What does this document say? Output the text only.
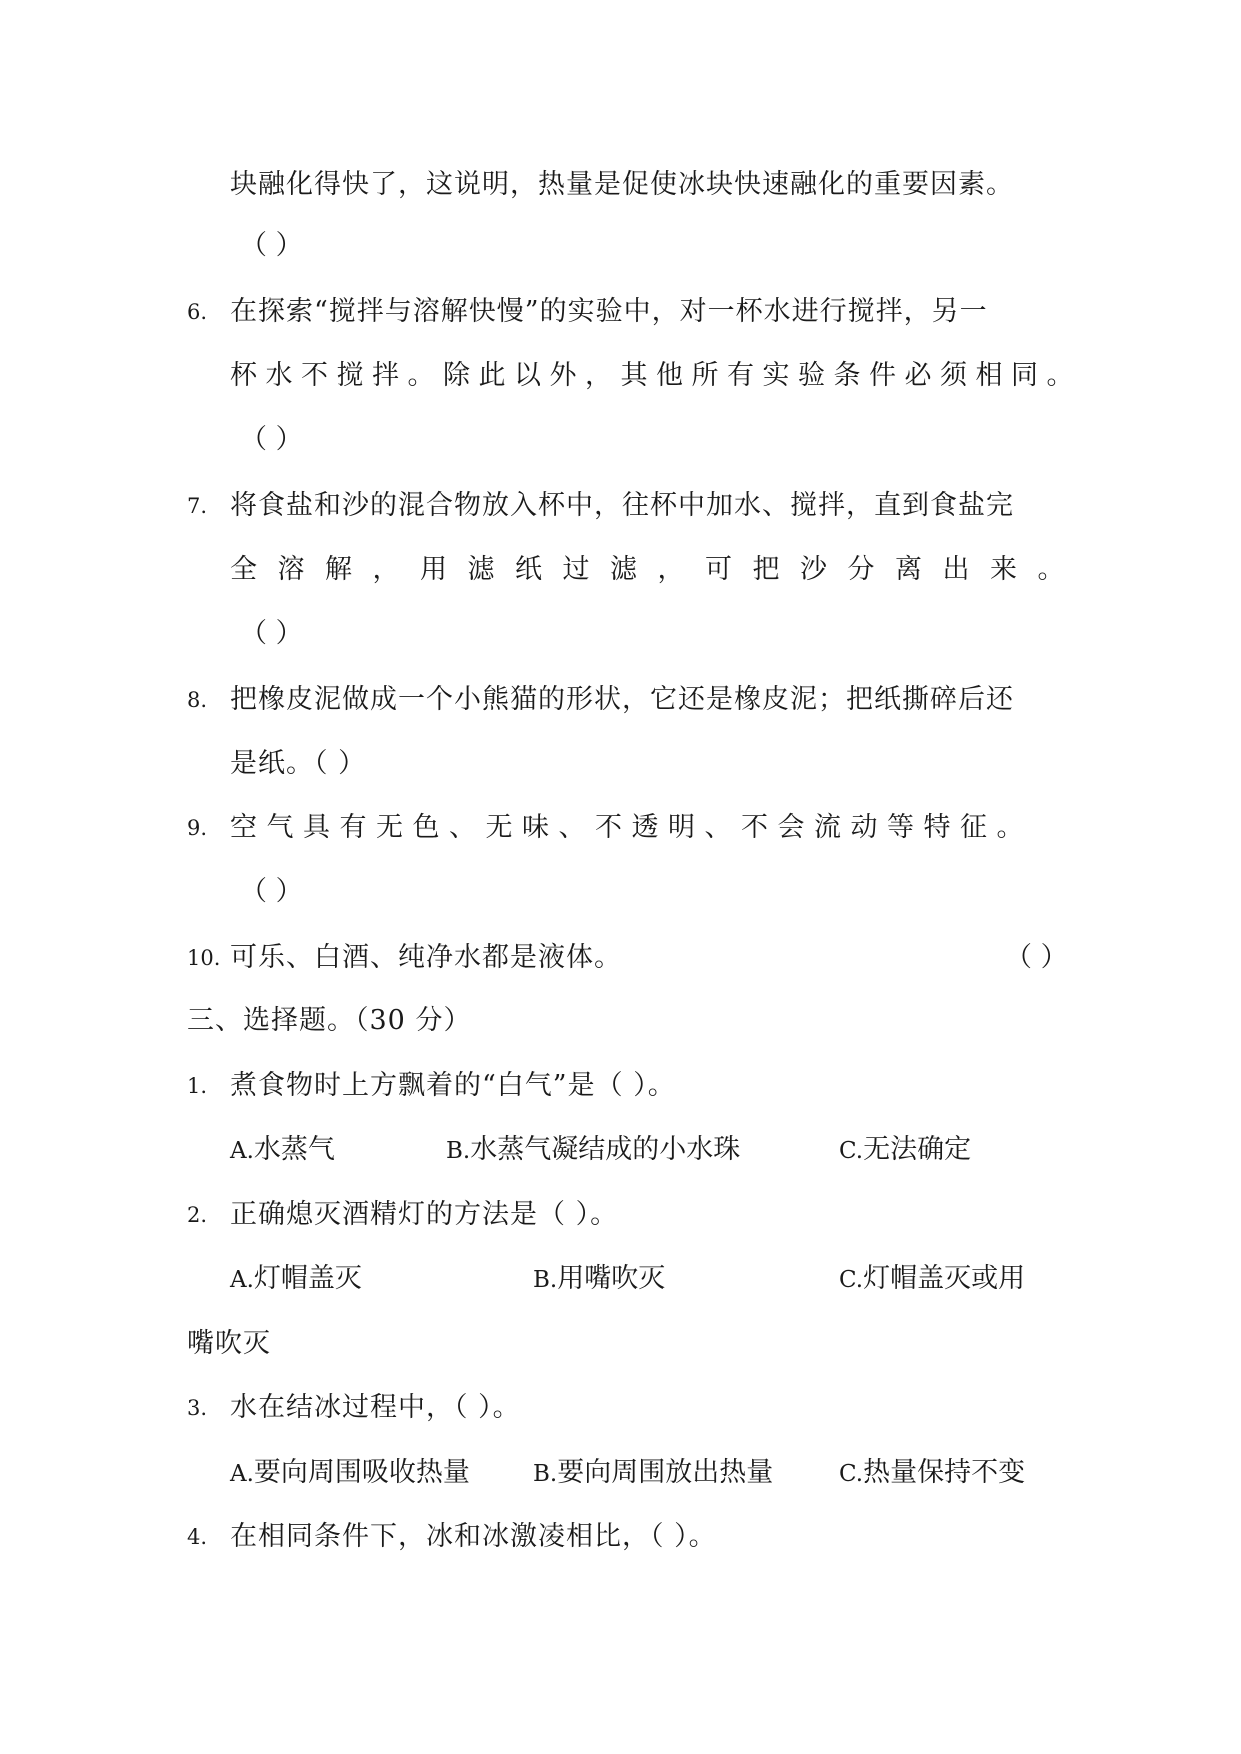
块融化得快了，这说明，热量是促使冰块快速融化的重要因素。
（ ）
6. 在探索“搅拌与溶解快慢”的实验中，对一杯水进行搅拌，另一
杯水不搅拌。除此以外，其他所有实验条件必须相同。
（ ）
7. 将食盐和沙的混合物放入杯中，往杯中加水、搅拌，直到食盐完
全溶解，用滤纸过滤，可把沙分离出来。
（ ）
8. 把橡皮泥做成一个小熊猫的形状，它还是橡皮泥；把纸撕碎后还
是纸。（ ）
9. 空气具有无色、无味、不透明、不会流动等特征。
（ ）
10. 可乐、白酒、纯净水都是液体。	（ ）
三、选择题。（30 分）
1. 煮食物时上方飘着的“白气”是（ ）。
A.水蒸气	B.水蒸气凝结成的小水珠	C.无法确定
2. 正确熄灭酒精灯的方法是（ ）。
A.灯帽盖灭	B.用嘴吹灭	C.灯帽盖灭或用
嘴吹灭
3. 水在结冰过程中，（ ）。
A.要向周围吸收热量	B.要向周围放出热量	C.热量保持不变
4. 在相同条件下，冰和冰激凌相比，（ ）。
